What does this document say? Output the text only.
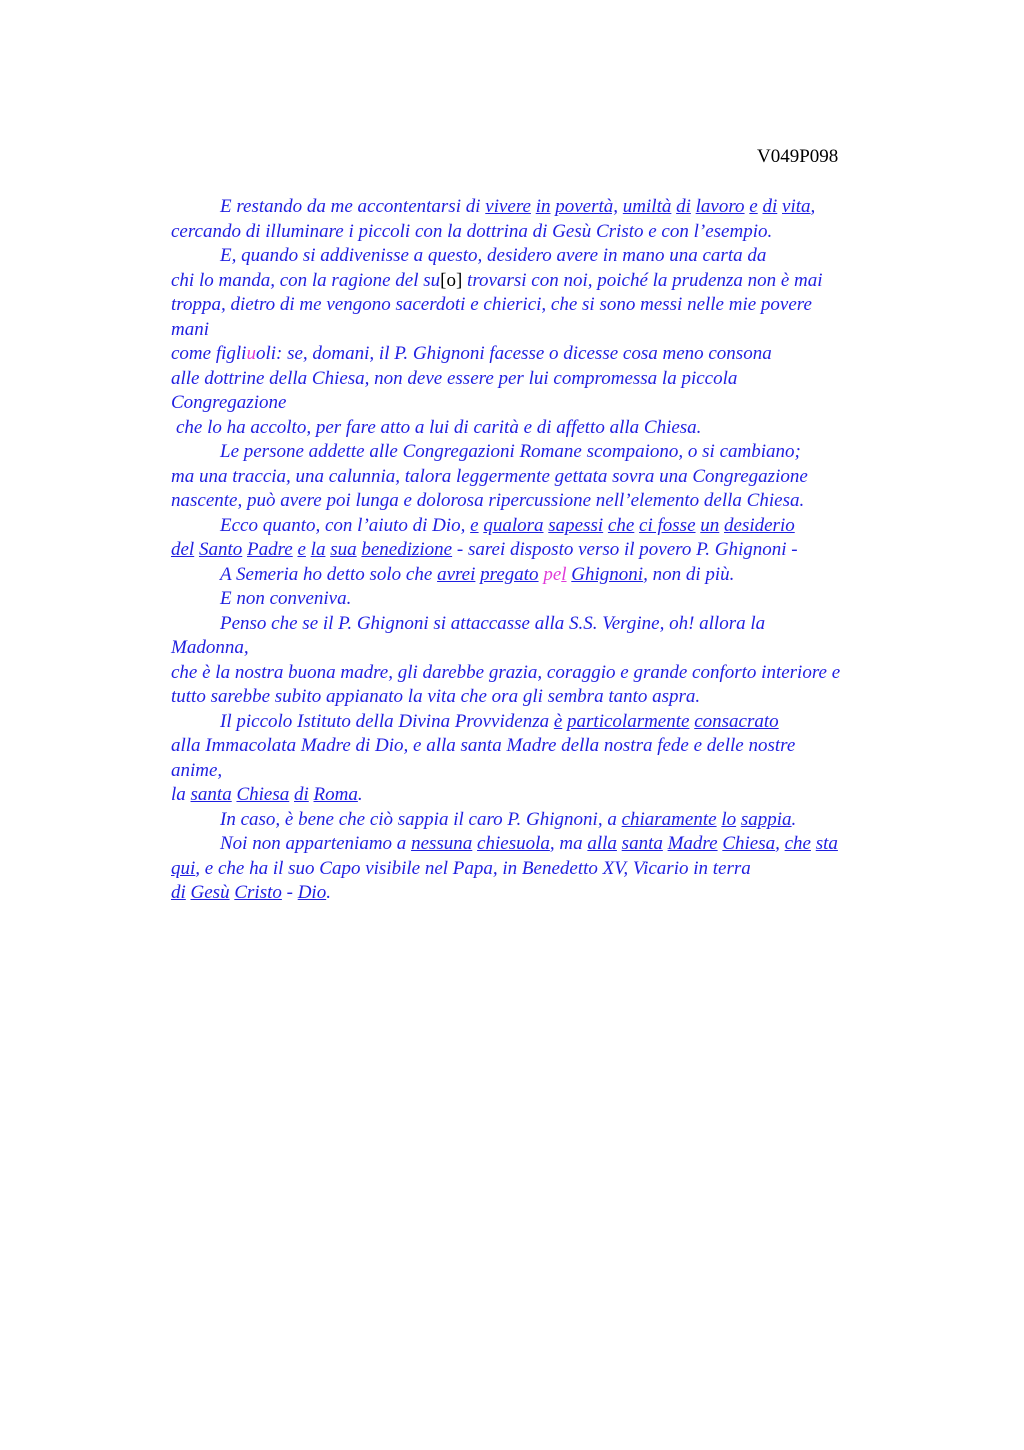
V049P098
E restando da me accontentarsi di vivere in povertà, umiltà di lavoro e di vita,
cercando di illuminare i piccoli con la dottrina di Gesù Cristo e con l’esempio.
E, quando si addivenisse a questo, desidero avere in mano una carta da
chi lo manda, con la ragione del su[o] trovarsi con noi, poiché la prudenza non è mai
troppa, dietro di me vengono sacerdoti e chierici, che si sono messi nelle mie povere
mani
come figliuoli: se, domani, il P. Ghignoni facesse o dicesse cosa meno consona
alle dottrine della Chiesa, non deve essere per lui compromessa la piccola
Congregazione
che lo ha accolto, per fare atto a lui di carità e di affetto alla Chiesa.
Le persone addette alle Congregazioni Romane scompaiono, o si cambiano;
ma una traccia, una calunnia, talora leggermente gettata sovra una Congregazione
nascente, può avere poi lunga e dolorosa ripercussione nell’elemento della Chiesa.
Ecco quanto, con l’aiuto di Dio, e qualora sapessi che ci fosse un desiderio
del Santo Padre e la sua benedizione - sarei disposto verso il povero P. Ghignoni -
A Semeria ho detto solo che avrei pregato pel Ghignoni, non di più.
E non conveniva.
Penso che se il P. Ghignoni si attaccasse alla S.S. Vergine, oh! allora la
Madonna,
che è la nostra buona madre, gli darebbe grazia, coraggio e grande conforto interiore e
tutto sarebbe subito appianato la vita che ora gli sembra tanto aspra.
Il piccolo Istituto della Divina Provvidenza è particolarmente consacrato
alla Immacolata Madre di Dio, e alla santa Madre della nostra fede e delle nostre
anime,
la santa Chiesa di Roma.
In caso, è bene che ciò sappia il caro P. Ghignoni, a chiaramente lo sappia.
Noi non apparteniamo a nessuna chiesuola, ma alla santa Madre Chiesa, che sta
qui, e che ha il suo Capo visibile nel Papa, in Benedetto XV, Vicario in terra
di Gesù Cristo - Dio.
